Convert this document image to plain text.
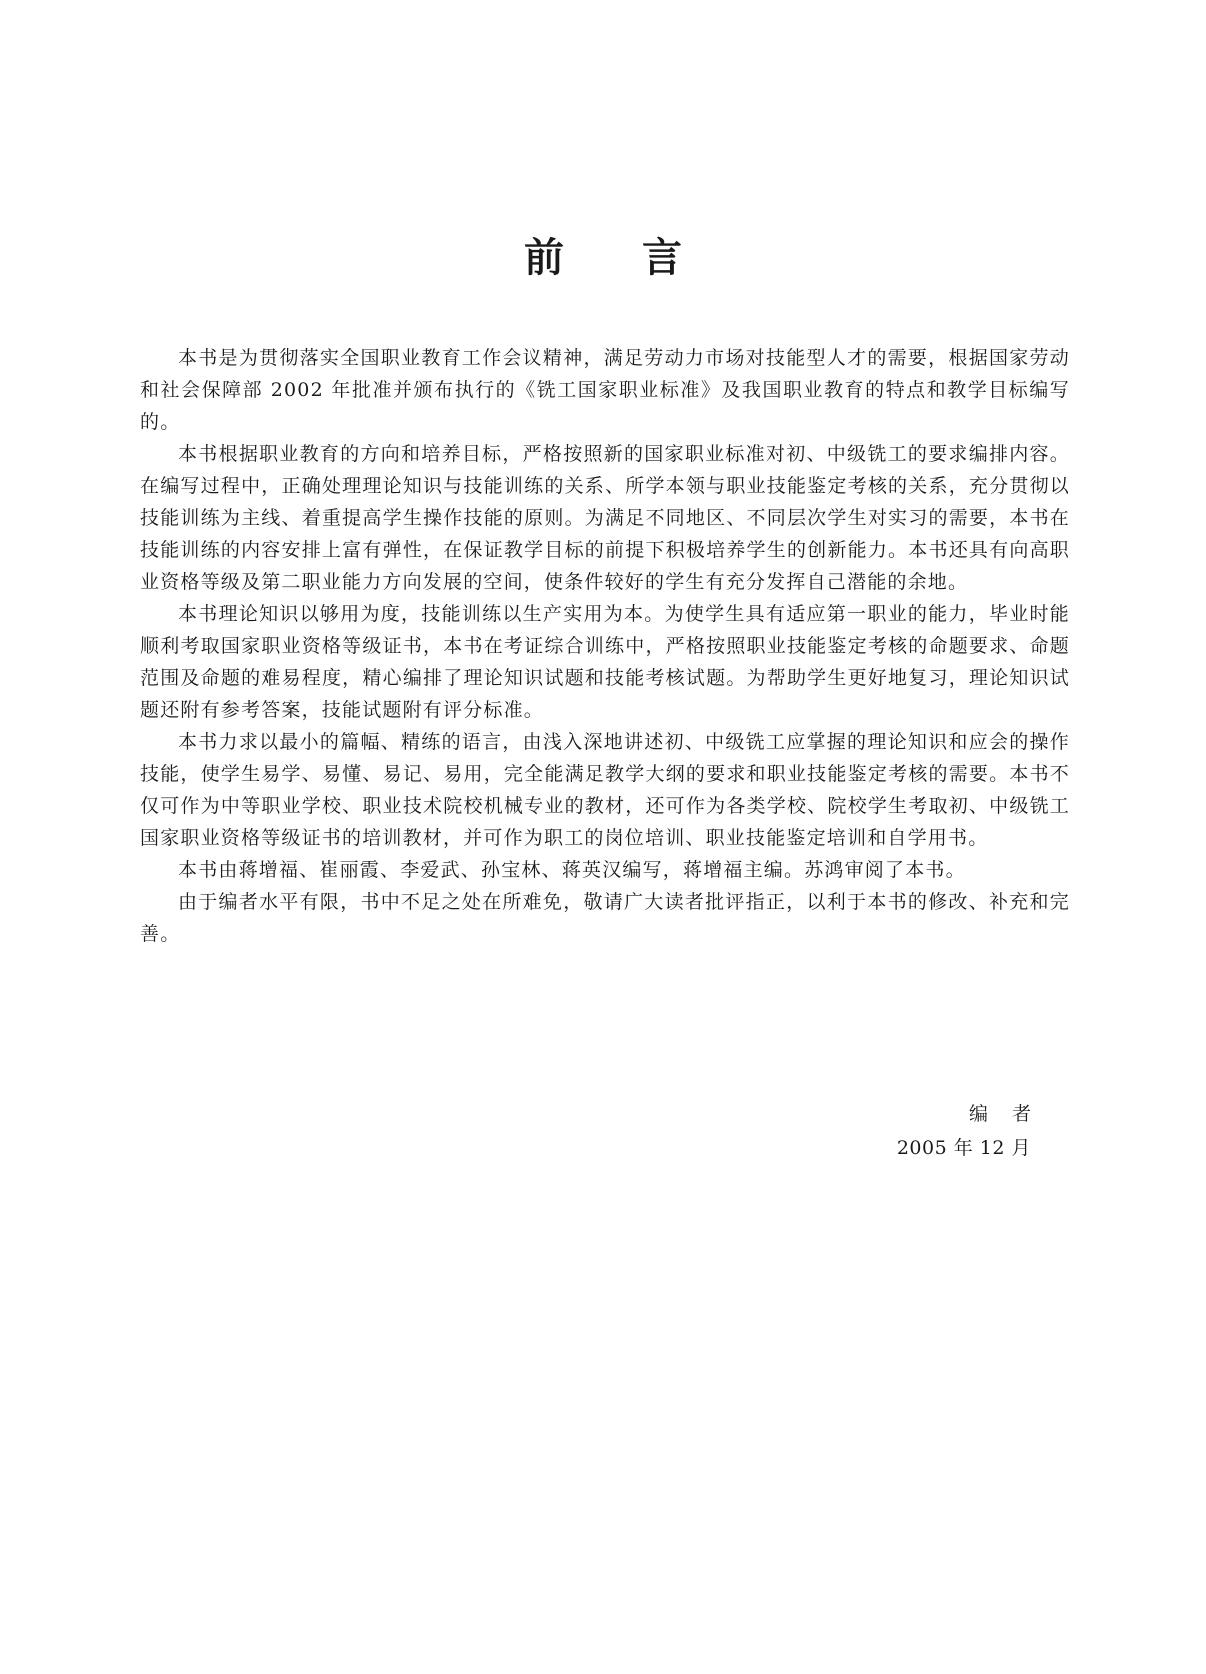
前言

本书是为贯彻落实全国职业教育工作会议精神，满足劳动力市场对技能型人才的需要，根据国家劳动和社会保障部 2002 年批准并颁布执行的《铣工国家职业标准》及我国职业教育的特点和教学目标编写的。

本书根据职业教育的方向和培养目标，严格按照新的国家职业标准对初、中级铣工的要求编排内容。在编写过程中，正确处理理论知识与技能训练的关系、所学本领与职业技能鉴定考核的关系，充分贯彻以技能训练为主线、着重提高学生操作技能的原则。为满足不同地区、不同层次学生对实习的需要，本书在技能训练的内容安排上富有弹性，在保证教学目标的前提下积极培养学生的创新能力。本书还具有向高职业资格等级及第二职业能力方向发展的空间，使条件较好的学生有充分发挥自己潜能的余地。

本书理论知识以够用为度，技能训练以生产实用为本。为使学生具有适应第一职业的能力，毕业时能顺利考取国家职业资格等级证书，本书在考证综合训练中，严格按照职业技能鉴定考核的命题要求、命题范围及命题的难易程度，精心编排了理论知识试题和技能考核试题。为帮助学生更好地复习，理论知识试题还附有参考答案，技能试题附有评分标准。

本书力求以最小的篇幅、精练的语言，由浅入深地讲述初、中级铣工应掌握的理论知识和应会的操作技能，使学生易学、易懂、易记、易用，完全能满足教学大纲的要求和职业技能鉴定考核的需要。本书不仅可作为中等职业学校、职业技术院校机械专业的教材，还可作为各类学校、院校学生考取初、中级铣工国家职业资格等级证书的培训教材，并可作为职工的岗位培训、职业技能鉴定培训和自学用书。

本书由蒋增福、崔丽霞、李爱武、孙宝林、蒋英汉编写，蒋增福主编。苏鸿审阅了本书。

由于编者水平有限，书中不足之处在所难免，敬请广大读者批评指正，以利于本书的修改、补充和完善。

编者
2005 年 12 月
